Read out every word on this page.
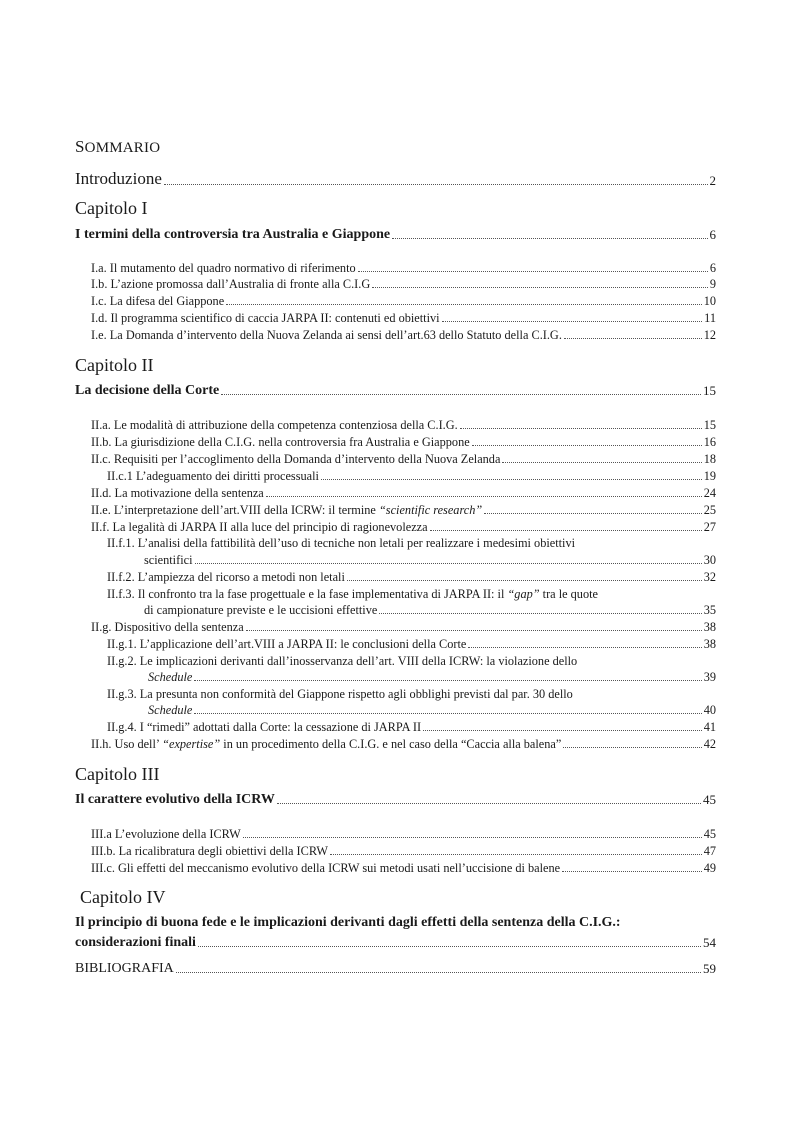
SOMMARIO
Introduzione	2
Capitolo I
I termini della controversia tra Australia e Giappone	6
I.a. Il mutamento del quadro normativo di riferimento	6
I.b. L’azione promossa dall’Australia di fronte alla C.I.G	9
I.c. La difesa del Giappone	10
I.d. Il programma scientifico di caccia JARPA II: contenuti ed obiettivi	11
I.e. La Domanda d’intervento della Nuova Zelanda ai sensi dell’art.63 dello Statuto della C.I.G.	12
Capitolo II
La decisione della Corte	15
II.a. Le modalità di attribuzione della competenza contenziosa della C.I.G.	15
II.b. La giurisdizione della C.I.G. nella controversia fra Australia e Giappone	16
II.c. Requisiti per l’accoglimento della Domanda d’intervento della Nuova Zelanda	18
II.c.1 L’adeguamento dei diritti processuali	19
II.d. La motivazione della sentenza	24
II.e. L’interpretazione dell’art.VIII della ICRW: il termine “scientific research”	25
II.f. La legalità di JARPA II alla luce del principio di ragionevolezza	27
II.f.1. L’analisi della fattibilità dell’uso di tecniche non letali per realizzare i medesimi obiettivi
scientifici	30
II.f.2. L’ampiezza del ricorso a metodi non letali	32
II.f.3. Il confronto tra la fase progettuale e la fase implementativa di JARPA II: il “gap” tra le quote
di campionature previste e le uccisioni effettive	35
II.g. Dispositivo della sentenza	38
II.g.1. L’applicazione dell’art.VIII a JARPA II: le conclusioni della Corte	38
II.g.2. Le implicazioni derivanti dall’inosservanza dell’art. VIII della ICRW: la violazione dello
Schedule	39
II.g.3. La presunta non conformità del Giappone rispetto agli obblighi previsti dal par. 30 dello
Schedule	40
II.g.4. I “rimedi” adottati dalla Corte: la cessazione di JARPA II	41
II.h. Uso dell’ “expertise” in un procedimento della C.I.G. e nel caso della “Caccia alla balena”	42
Capitolo III
Il carattere evolutivo della ICRW	45
III.a L’evoluzione della ICRW	45
III.b. La ricalibratura degli obiettivi della ICRW	47
III.c. Gli effetti del meccanismo evolutivo della ICRW sui metodi usati nell’uccisione di balene	49
Capitolo IV
Il principio di buona fede e le implicazioni derivanti dagli effetti della sentenza della C.I.G.:
considerazioni finali	54
BIBLIOGRAFIA	59
